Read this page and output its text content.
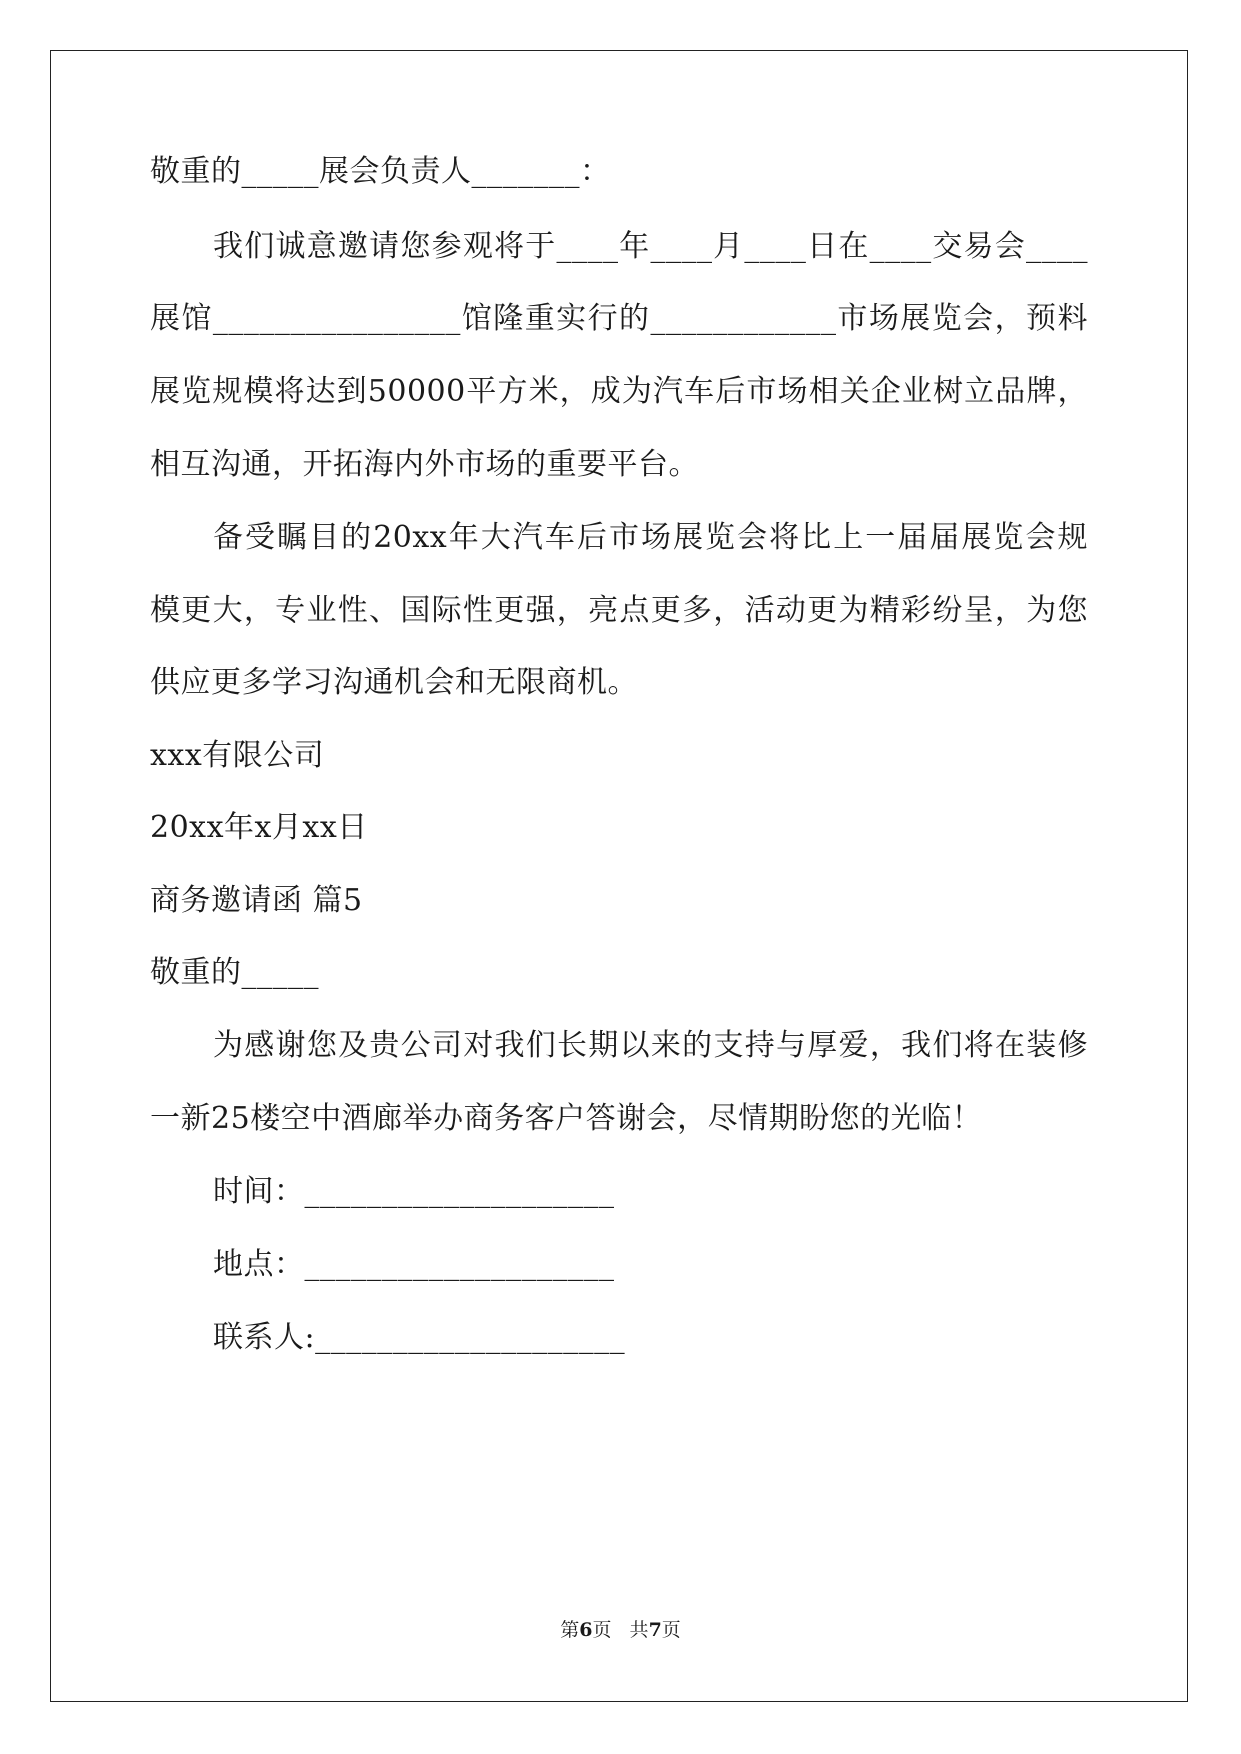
敬重的_____展会负责人_______：
我们诚意邀请您参观将于____年____月____日在____交易会____
展馆________________馆隆重实行的____________市场展览会，预料
展览规模将达到50000平方米，成为汽车后市场相关企业树立品牌，
相互沟通，开拓海内外市场的重要平台。
备受瞩目的20xx年大汽车后市场展览会将比上一届届展览会规
模更大，专业性、国际性更强，亮点更多，活动更为精彩纷呈，为您
供应更多学习沟通机会和无限商机。
xxx有限公司
20xx年x月xx日
商务邀请函 篇5
敬重的_____
为感谢您及贵公司对我们长期以来的支持与厚爱，我们将在装修
一新25楼空中酒廊举办商务客户答谢会，尽情期盼您的光临！
时间：____________________
地点：____________________
联系人:____________________
第6页   共7页
